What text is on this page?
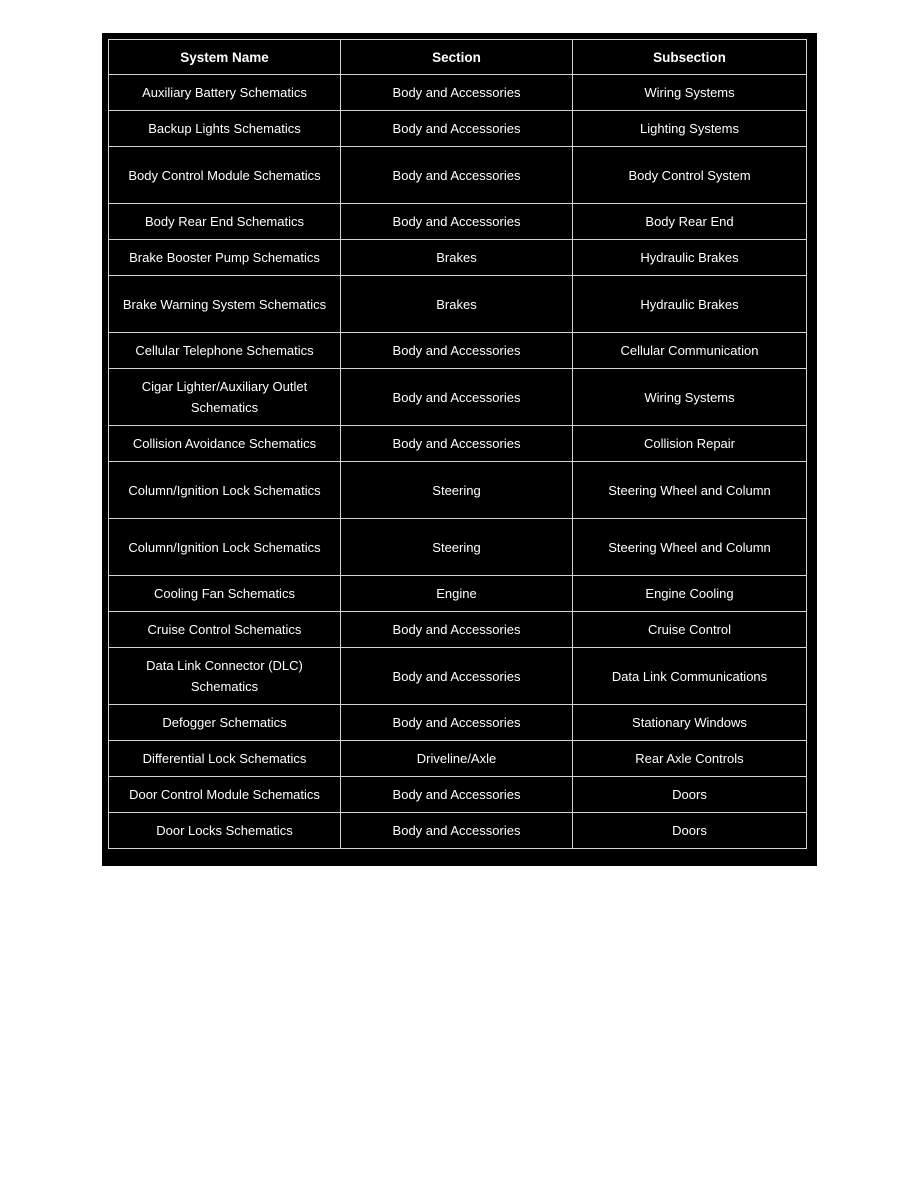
System Name	Section	Subsection
Auxiliary Battery Schematics	Body and Accessories	Wiring Systems
Backup Lights Schematics	Body and Accessories	Lighting Systems
Body Control Module Schematics	Body and Accessories	Body Control System
Body Rear End Schematics	Body and Accessories	Body Rear End
Brake Booster Pump Schematics	Brakes	Hydraulic Brakes
Brake Warning System Schematics	Brakes	Hydraulic Brakes
Cellular Telephone Schematics	Body and Accessories	Cellular Communication
Cigar Lighter/Auxiliary Outlet Schematics	Body and Accessories	Wiring Systems
Collision Avoidance Schematics	Body and Accessories	Collision Repair
Column/Ignition Lock Schematics	Steering	Steering Wheel and Column
Column/Ignition Lock Schematics	Steering	Steering Wheel and Column
Cooling Fan Schematics	Engine	Engine Cooling
Cruise Control Schematics	Body and Accessories	Cruise Control
Data Link Connector (DLC) Schematics	Body and Accessories	Data Link Communications
Defogger Schematics	Body and Accessories	Stationary Windows
Differential Lock Schematics	Driveline/Axle	Rear Axle Controls
Door Control Module Schematics	Body and Accessories	Doors
Door Locks Schematics	Body and Accessories	Doors
